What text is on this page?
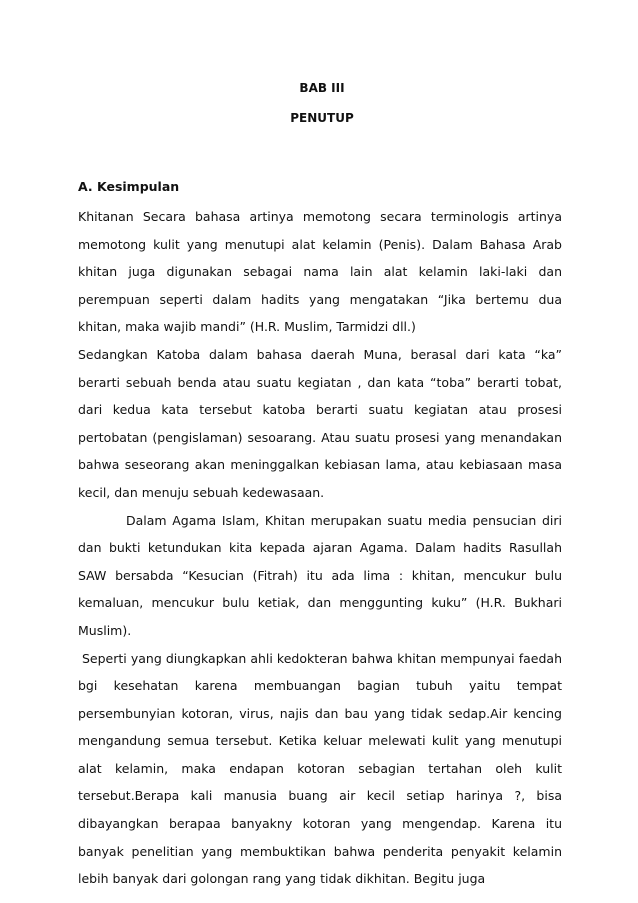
BAB III
PENUTUP
A. Kesimpulan

Khitanan Secara bahasa artinya memotong secara terminologis artinya memotong kulit yang menutupi alat kelamin (Penis). Dalam Bahasa Arab khitan juga digunakan sebagai nama lain alat kelamin laki-laki dan perempuan seperti dalam hadits yang mengatakan “Jika bertemu dua khitan, maka wajib mandi” (H.R. Muslim, Tarmidzi dll.)

Sedangkan Katoba dalam bahasa daerah Muna, berasal dari kata “ka” berarti sebuah benda atau suatu kegiatan , dan kata “toba” berarti tobat, dari kedua kata tersebut katoba berarti suatu kegiatan atau prosesi pertobatan (pengislaman) sesoarang. Atau suatu prosesi yang menandakan bahwa seseorang akan meninggalkan kebiasan lama, atau kebiasaan masa kecil, dan menuju sebuah kedewasaan.

Dalam Agama Islam, Khitan merupakan suatu media pensucian diri dan bukti ketundukan kita kepada ajaran Agama. Dalam hadits Rasullah SAW bersabda “Kesucian (Fitrah) itu ada lima : khitan, mencukur bulu kemaluan, mencukur bulu ketiak, dan menggunting kuku” (H.R. Bukhari Muslim).

Seperti yang diungkapkan ahli kedokteran bahwa khitan mempunyai faedah bgi kesehatan karena membuangan bagian tubuh yaitu tempat persembunyian kotoran, virus, najis dan bau yang tidak sedap.Air kencing mengandung semua tersebut. Ketika keluar melewati kulit yang menutupi alat kelamin, maka endapan kotoran sebagian tertahan oleh kulit tersebut.Berapa kali manusia buang air kecil setiap harinya ?, bisa dibayangkan berapaa banyakny kotoran yang mengendap. Karena itu banyak penelitian yang membuktikan bahwa penderita penyakit kelamin lebih banyak dari golongan rang yang tidak dikhitan. Begitu juga
